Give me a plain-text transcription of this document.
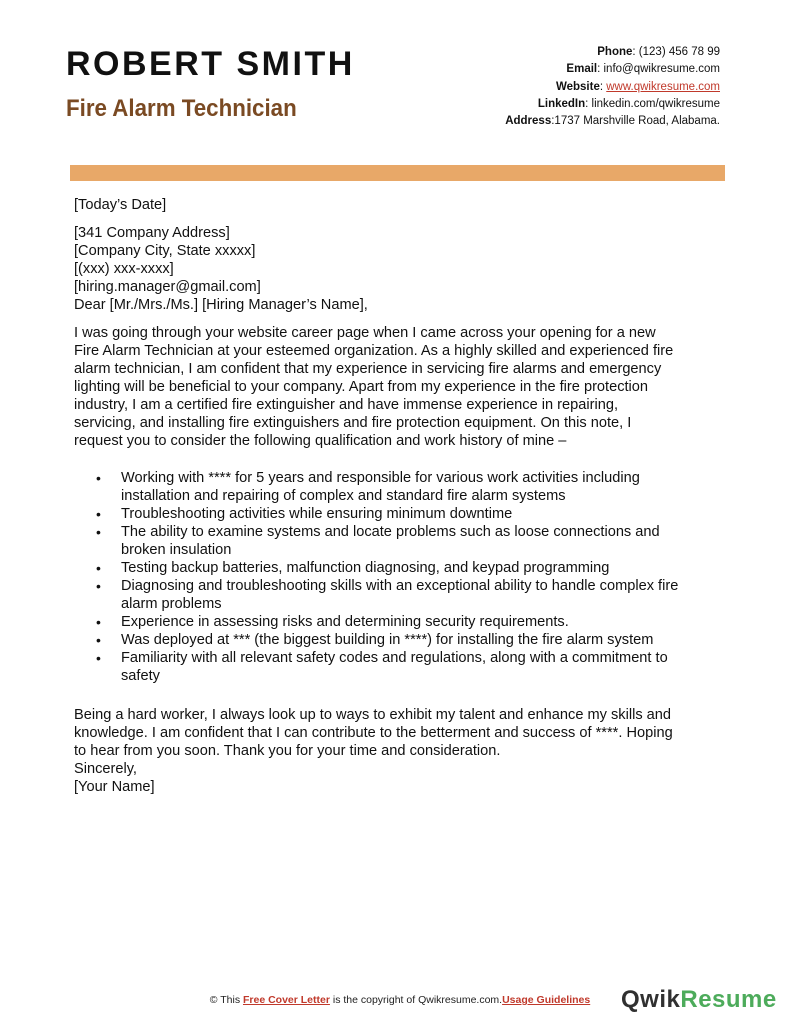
ROBERT SMITH
Fire Alarm Technician
Phone: (123) 456 78 99
Email: info@qwikresume.com
Website: www.qwikresume.com
LinkedIn: linkedin.com/qwikresume
Address:1737 Marshville Road, Alabama.

[Today’s Date]

[341 Company Address]

[Company City, State xxxxx]

[(xxx) xxx-xxxx]

[hiring.manager@gmail.com]

Dear [Mr./Mrs./Ms.] [Hiring Manager’s Name],

I was going through your website career page when I came across your opening for a new

Fire Alarm Technician at your esteemed organization. As a highly skilled and experienced fire

alarm technician, I am confident that my experience in servicing fire alarms and emergency

lighting will be beneficial to your company. Apart from my experience in the fire protection

industry, I am a certified fire extinguisher and have immense experience in repairing,

servicing, and installing fire extinguishers and fire protection equipment. On this note, I

request you to consider the following qualification and work history of mine –

• Working with **** for 5 years and responsible for various work activities including
installation and repairing of complex and standard fire alarm systems
• Troubleshooting activities while ensuring minimum downtime
• The ability to examine systems and locate problems such as loose connections and
broken insulation
• Testing backup batteries, malfunction diagnosing, and keypad programming
• Diagnosing and troubleshooting skills with an exceptional ability to handle complex fire
alarm problems
• Experience in assessing risks and determining security requirements.
• Was deployed at *** (the biggest building in ****) for installing the fire alarm system
• Familiarity with all relevant safety codes and regulations, along with a commitment to
safety

Being a hard worker, I always look up to ways to exhibit my talent and enhance my skills and

knowledge. I am confident that I can contribute to the betterment and success of ****. Hoping

to hear from you soon. Thank you for your time and consideration.

Sincerely,

[Your Name]

© This Free Cover Letter is the copyright of Qwikresume.com.Usage Guidelines	QwikResume
